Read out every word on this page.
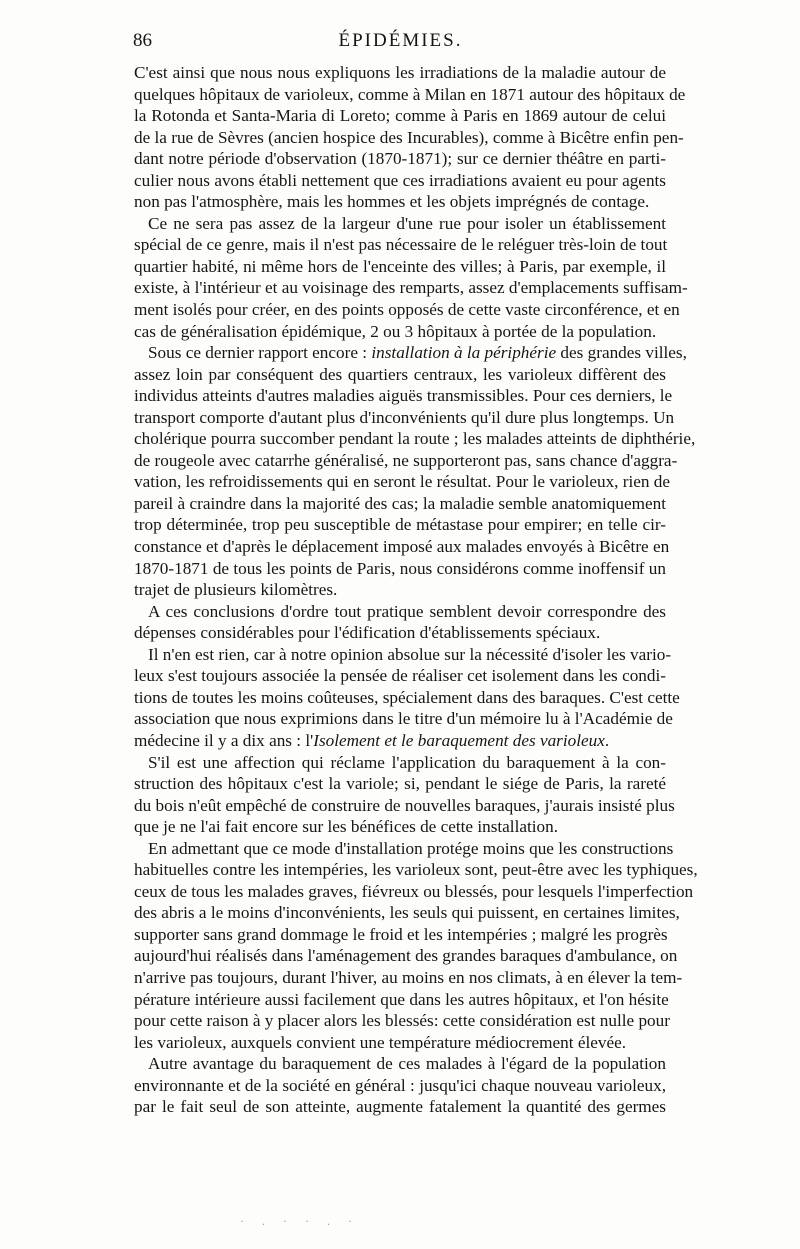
86	ÉPIDÉMIES.
C'est ainsi que nous nous expliquons les irradiations de la maladie autour de
quelques hôpitaux de varioleux, comme à Milan en 1871 autour des hôpitaux de
la Rotonda et Santa-Maria di Loreto; comme à Paris en 1869 autour de celui
de la rue de Sèvres (ancien hospice des Incurables), comme à Bicêtre enfin pen-
dant notre période d'observation (1870-1871); sur ce dernier théâtre en parti-
culier nous avons établi nettement que ces irradiations avaient eu pour agents
non pas l'atmosphère, mais les hommes et les objets imprégnés de contage.
Ce ne sera pas assez de la largeur d'une rue pour isoler un établissement
spécial de ce genre, mais il n'est pas nécessaire de le reléguer très-loin de tout
quartier habité, ni même hors de l'enceinte des villes; à Paris, par exemple, il
existe, à l'intérieur et au voisinage des remparts, assez d'emplacements suffisam-
ment isolés pour créer, en des points opposés de cette vaste circonférence, et en
cas de généralisation épidémique, 2 ou 3 hôpitaux à portée de la population.
Sous ce dernier rapport encore : installation à la périphérie des grandes villes,
assez loin par conséquent des quartiers centraux, les varioleux diffèrent des
individus atteints d'autres maladies aiguës transmissibles. Pour ces derniers, le
transport comporte d'autant plus d'inconvénients qu'il dure plus longtemps. Un
cholérique pourra succomber pendant la route ; les malades atteints de diphthérie,
de rougeole avec catarrhe généralisé, ne supporteront pas, sans chance d'aggra-
vation, les refroidissements qui en seront le résultat. Pour le varioleux, rien de
pareil à craindre dans la majorité des cas; la maladie semble anatomiquement
trop déterminée, trop peu susceptible de métastase pour empirer; en telle cir-
constance et d'après le déplacement imposé aux malades envoyés à Bicêtre en
1870-1871 de tous les points de Paris, nous considérons comme inoffensif un
trajet de plusieurs kilomètres.
A ces conclusions d'ordre tout pratique semblent devoir correspondre des
dépenses considérables pour l'édification d'établissements spéciaux.
Il n'en est rien, car à notre opinion absolue sur la nécessité d'isoler les vario-
leux s'est toujours associée la pensée de réaliser cet isolement dans les condi-
tions de toutes les moins coûteuses, spécialement dans des baraques. C'est cette
association que nous exprimions dans le titre d'un mémoire lu à l'Académie de
médecine il y a dix ans : l'Isolement et le baraquement des varioleux.
S'il est une affection qui réclame l'application du baraquement à la con-
struction des hôpitaux c'est la variole; si, pendant le siége de Paris, la rareté
du bois n'eût empêché de construire de nouvelles baraques, j'aurais insisté plus
que je ne l'ai fait encore sur les bénéfices de cette installation.
En admettant que ce mode d'installation protége moins que les constructions
habituelles contre les intempéries, les varioleux sont, peut-être avec les typhiques,
ceux de tous les malades graves, fiévreux ou blessés, pour lesquels l'imperfection
des abris a le moins d'inconvénients, les seuls qui puissent, en certaines limites,
supporter sans grand dommage le froid et les intempéries ; malgré les progrès
aujourd'hui réalisés dans l'aménagement des grandes baraques d'ambulance, on
n'arrive pas toujours, durant l'hiver, au moins en nos climats, à en élever la tem-
pérature intérieure aussi facilement que dans les autres hôpitaux, et l'on hésite
pour cette raison à y placer alors les blessés: cette considération est nulle pour
les varioleux, auxquels convient une température médiocrement élevée.
Autre avantage du baraquement de ces malades à l'égard de la population
environnante et de la société en général : jusqu'ici chaque nouveau varioleux,
par le fait seul de son atteinte, augmente fatalement la quantité des germes
·.··.·
